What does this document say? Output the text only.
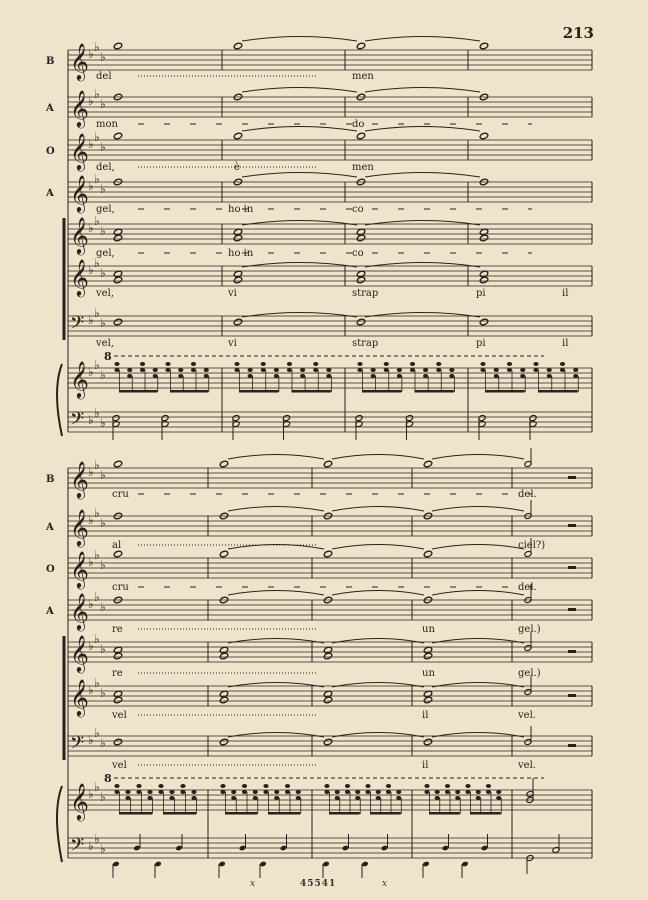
B 𝄞 ♭ ♭
♭
del	men
A 𝄞 ♭ ♭
♭
mon	do
O 𝄞 ♭ ♭
♭
del,	è	men
A 𝄞 ♭ ♭
♭
gel,	ho in	co
𝄞 ♭ ♭
♭
gel,	ho in	co
𝄞 ♭ ♭
♭
vel,	vi	strap	pi	il
𝄢 ♭ ♭
♭
vel,	vi	strap	pi	il
𝄞
𝄢
♭ ♭
♭
♭ ♭
♭
8
B 𝄞 ♭ ♭
♭
cru	del.
A 𝄞 ♭ ♭
♭
al	ciel?)
O 𝄞 ♭ ♭
♭
cru	del.
A 𝄞 ♭ ♭
♭
re	un	gel.)
𝄞 ♭ ♭
♭
re	un	gel.)
𝄞 ♭ ♭
♭
vel	il	vel.
𝄢 ♭ ♭
♭
vel	il	vel.
𝄞
𝄢
♭ ♭
♭
♭ ♭
♭
8
213
x	45541	x
